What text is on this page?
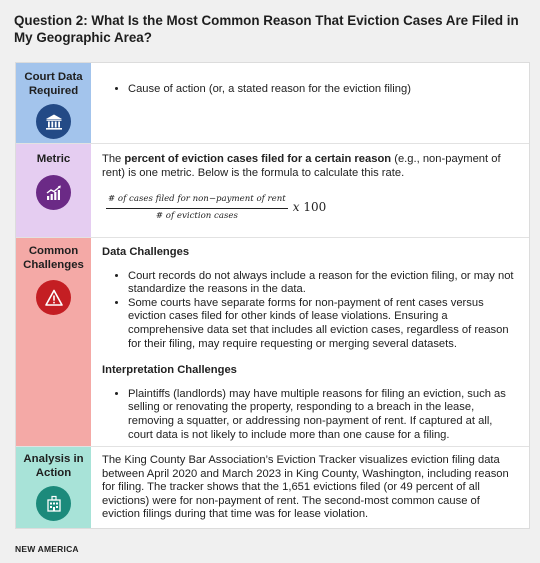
Question 2: What Is the Most Common Reason That Eviction Cases Are Filed in My Geographic Area?
Court Data Required
•	Cause of action (or, a stated reason for the eviction filing)
Metric	The percent of eviction cases filed for a certain reason (e.g., non-payment of rent) is one metric. Below is the formula to calculate this rate.
$\frac{\text{\# of cases filed for non−payment of rent}}{\text{\# of eviction cases}}$ x 100
Common Challenges
Data Challenges
• Court records do not always include a reason for the eviction filing, or may not standardize the reasons in the data.
• Some courts have separate forms for non-payment of rent cases versus eviction cases filed for other kinds of lease violations. Ensuring a comprehensive data set that includes all eviction cases, regardless of reason for their filing, may require requesting or merging several datasets.
Interpretation Challenges
• Plaintiffs (landlords) may have multiple reasons for filing an eviction, such as selling or renovating the property, responding to a breach in the lease, removing a squatter, or addressing non-payment of rent. If captured at all, court data is not likely to include more than one cause for a filing.
Analysis in Action
The King County Bar Association’s Eviction Tracker visualizes eviction filing data between April 2020 and March 2023 in King County, Washington, including reason for filing. The tracker shows that the 1,651 evictions filed (or 49 percent of all evictions) were for non-payment of rent. The second-most common cause of eviction filings during that time was for lease violation.
NEW AMERICA
